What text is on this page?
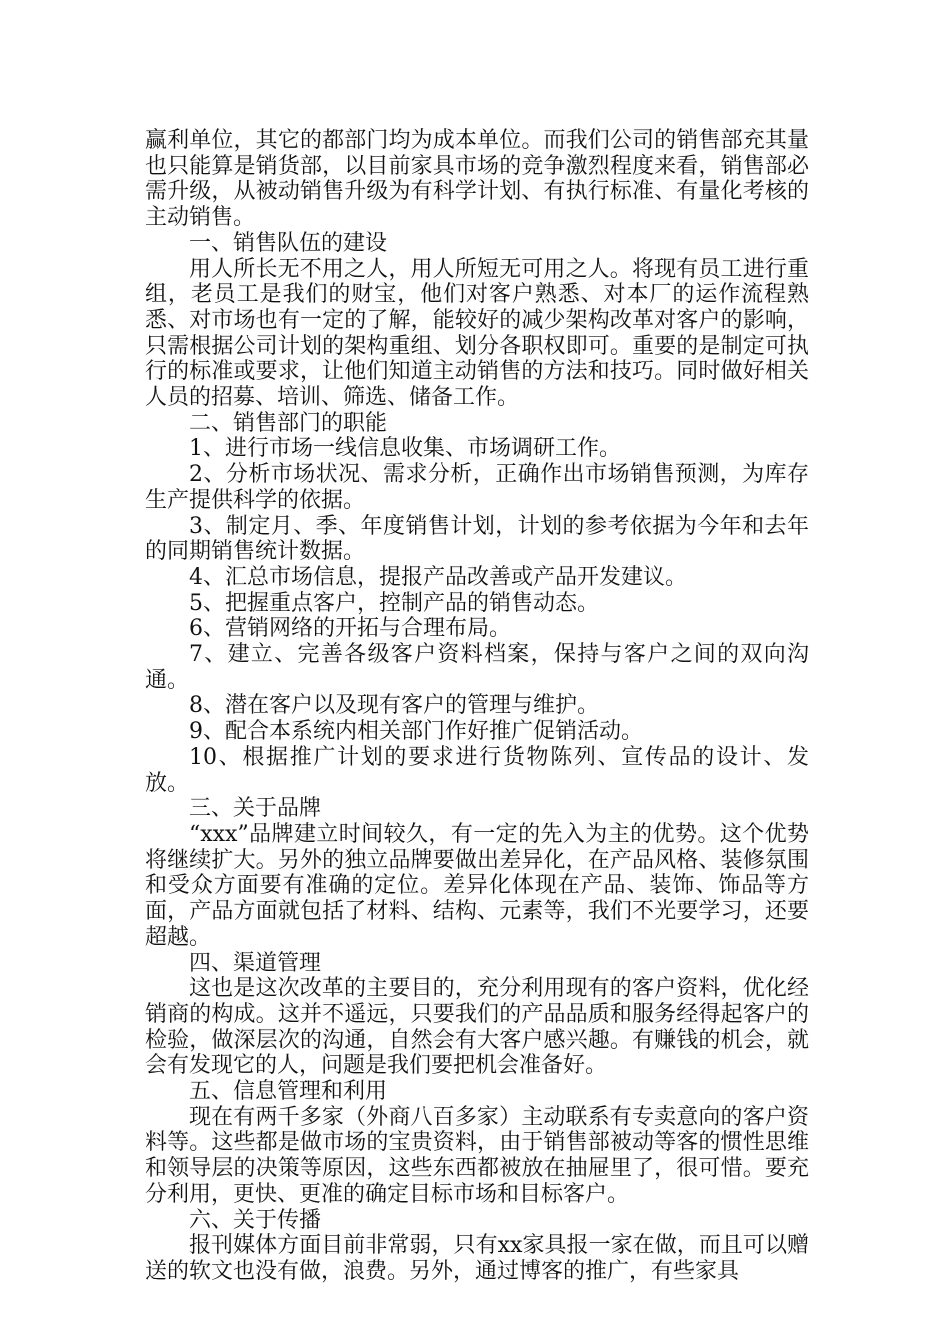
赢利单位，其它的都部门均为成本单位。而我们公司的销售部充其量也只能算是销货部，以目前家具市场的竞争激烈程度来看，销售部必需升级，从被动销售升级为有科学计划、有执行标准、有量化考核的主动销售。

一、销售队伍的建设

用人所长无不用之人，用人所短无可用之人。将现有员工进行重组，老员工是我们的财宝，他们对客户熟悉、对本厂的运作流程熟悉、对市场也有一定的了解，能较好的减少架构改革对客户的影响，只需根据公司计划的架构重组、划分各职权即可。重要的是制定可执行的标准或要求，让他们知道主动销售的方法和技巧。同时做好相关人员的招募、培训、筛选、储备工作。

二、销售部门的职能

1、进行市场一线信息收集、市场调研工作。

2、分析市场状况、需求分析，正确作出市场销售预测，为库存生产提供科学的依据。

3、制定月、季、年度销售计划，计划的参考依据为今年和去年的同期销售统计数据。

4、汇总市场信息，提报产品改善或产品开发建议。

5、把握重点客户，控制产品的销售动态。

6、营销网络的开拓与合理布局。

7、建立、完善各级客户资料档案，保持与客户之间的双向沟通。

8、潜在客户以及现有客户的管理与维护。

9、配合本系统内相关部门作好推广促销活动。

10、根据推广计划的要求进行货物陈列、宣传品的设计、发放。

三、关于品牌

“xxx”品牌建立时间较久，有一定的先入为主的优势。这个优势将继续扩大。另外的独立品牌要做出差异化，在产品风格、装修氛围和受众方面要有准确的定位。差异化体现在产品、装饰、饰品等方面，产品方面就包括了材料、结构、元素等，我们不光要学习，还要超越。

四、渠道管理

这也是这次改革的主要目的，充分利用现有的客户资料，优化经销商的构成。这并不遥远，只要我们的产品品质和服务经得起客户的检验，做深层次的沟通，自然会有大客户感兴趣。有赚钱的机会，就会有发现它的人，问题是我们要把机会准备好。

五、信息管理和利用

现在有两千多家（外商八百多家）主动联系有专卖意向的客户资料等。这些都是做市场的宝贵资料，由于销售部被动等客的惯性思维和领导层的决策等原因，这些东西都被放在抽屉里了，很可惜。要充分利用，更快、更准的确定目标市场和目标客户。

六、关于传播

报刊媒体方面目前非常弱，只有xx家具报一家在做，而且可以赠送的软文也没有做，浪费。另外，通过博客的推广，有些家具
